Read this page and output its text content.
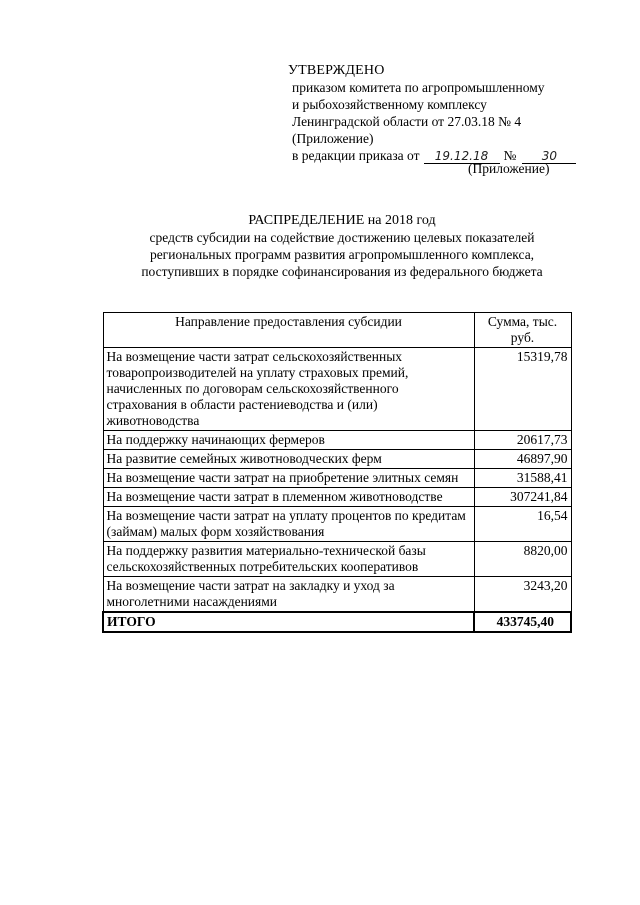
УТВЕРЖДЕНО
приказом комитета по агропромышленному
и рыбохозяйственному комплексу
Ленинградской области от 27.03.18 № 4
(Приложение)
в редакции приказа от	19.12.18	№	30
(Приложение)
РАСПРЕДЕЛЕНИЕ на 2018 год
средств субсидии на содействие достижению целевых показателей
региональных программ развития агропромышленного комплекса,
поступивших в порядке софинансирования из федерального бюджета
Направление предоставления субсидии	Сумма, тыс. руб.
На возмещение части затрат сельскохозяйственных товаропроизводителей на уплату страховых премий, начисленных по договорам сельскохозяйственного страхования в области растениеводства и (или) животноводства	15319,78
На поддержку начинающих фермеров	20617,73
На развитие семейных животноводческих ферм	46897,90
На возмещение части затрат на приобретение элитных семян	31588,41
На возмещение части затрат в племенном животноводстве	307241,84
На возмещение части затрат на уплату процентов по кредитам (займам) малых форм хозяйствования	16,54
На поддержку развития материально-технической базы сельскохозяйственных потребительских кооперативов	8820,00
На возмещение части затрат на закладку и уход за многолетними насаждениями	3243,20
ИТОГО	433745,40
